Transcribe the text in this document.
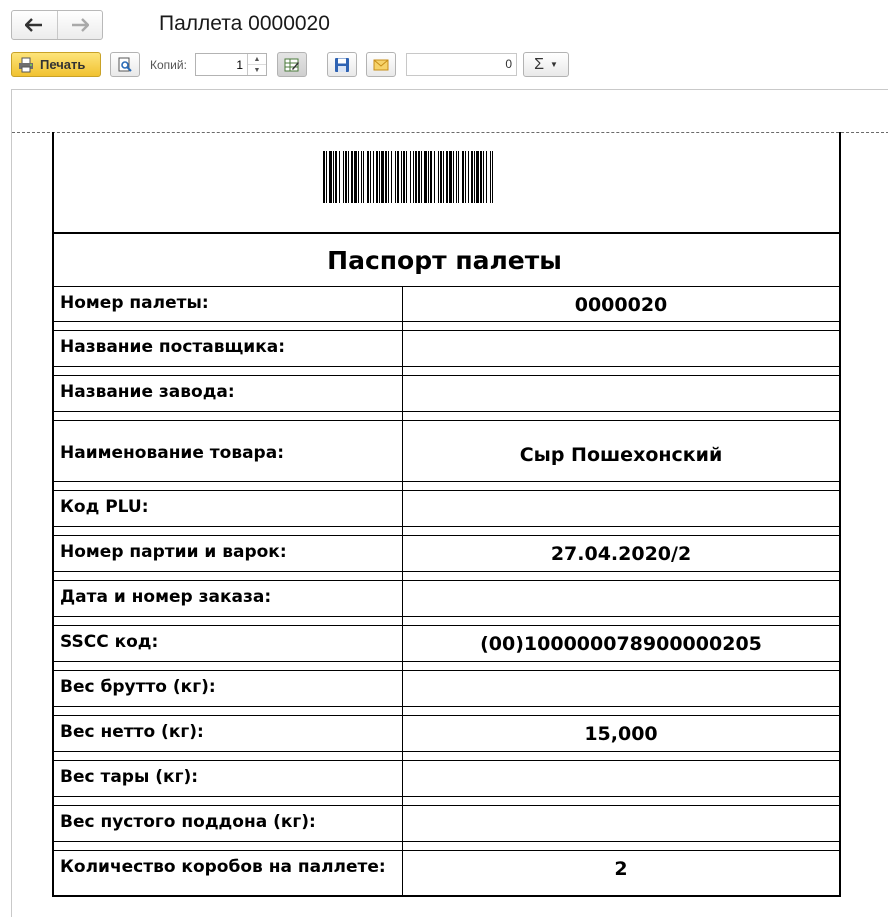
Паллета 0000020
Печать	Копий:	1	▲
▼	0	Σ ▼
Паспорт палеты
Номер палеты:	0000020
Название поставщика:
Название завода:
Наименование товара:	Сыр Пошехонский
Код PLU:
Номер партии и варок:	27.04.2020/2
Дата и номер заказа:
SSCC код:	(00)100000078900000205
Вес брутто (кг):
Вес нетто (кг):	15,000
Вес тары (кг):
Вес пустого поддона (кг):
Количество коробов на паллете:	2
